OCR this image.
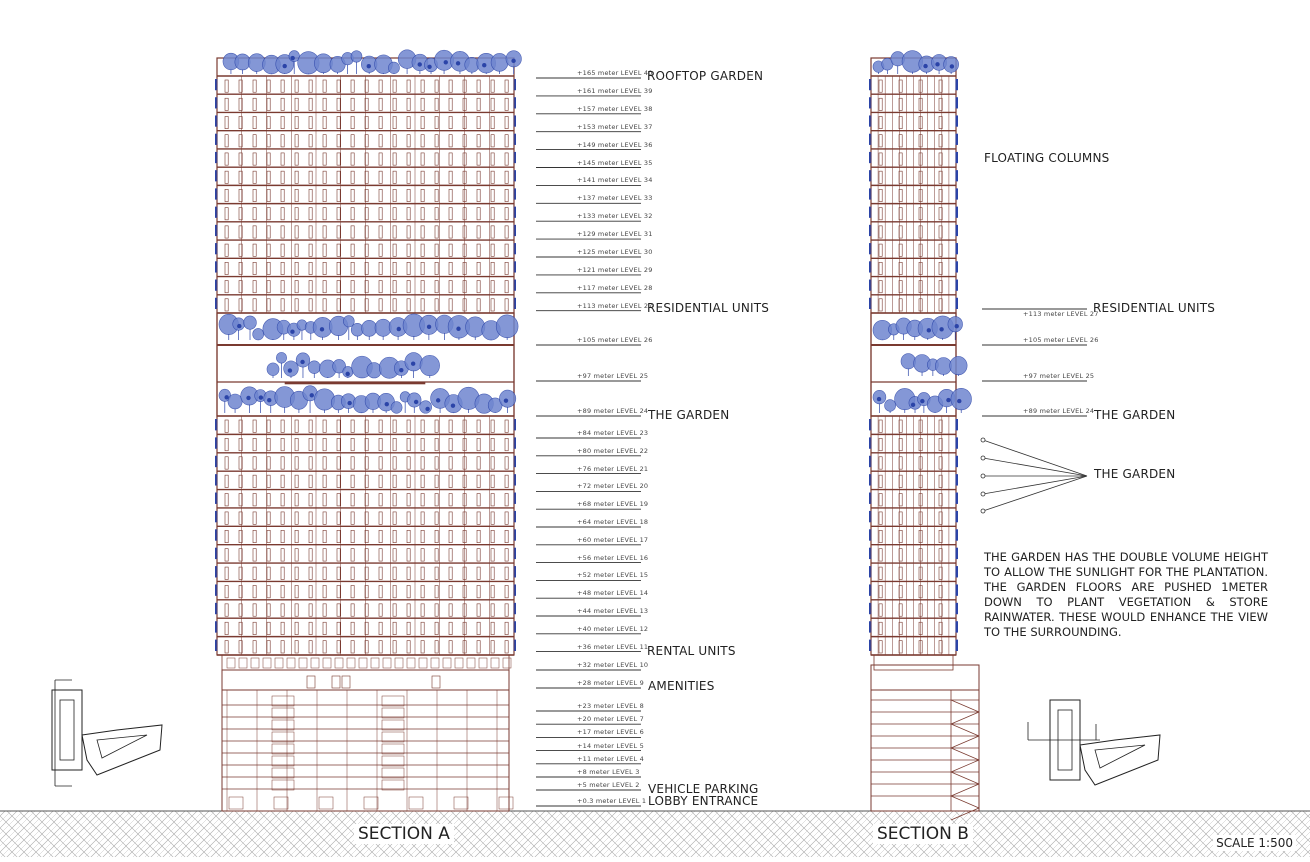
+165 meter LEVEL 40
+161 meter LEVEL 39
+157 meter LEVEL 38
+153 meter LEVEL 37
+149 meter LEVEL 36
+145 meter LEVEL 35
+141 meter LEVEL 34
+137 meter LEVEL 33
+133 meter LEVEL 32
+129 meter LEVEL 31
+125 meter LEVEL 30
+121 meter LEVEL 29
+117 meter LEVEL 28
+113 meter LEVEL 27
+105 meter LEVEL 26
+97 meter LEVEL 25
+89 meter LEVEL 24
+84 meter LEVEL 23
+80 meter LEVEL 22
+76 meter LEVEL 21
+72 meter LEVEL 20
+68 meter LEVEL 19
+64 meter LEVEL 18
+60 meter LEVEL 17
+56 meter LEVEL 16
+52 meter LEVEL 15
+48 meter LEVEL 14
+44 meter LEVEL 13
+40 meter LEVEL 12
+36 meter LEVEL 11
+32 meter LEVEL 10
+28 meter LEVEL 9
+23 meter LEVEL 8
+20 meter LEVEL 7
+17 meter LEVEL 6
+14 meter LEVEL 5
+11 meter LEVEL 4
+8 meter LEVEL 3
+5 meter LEVEL 2
+0.3 meter LEVEL 1
+113 meter LEVEL 27
+105 meter LEVEL 26
+97 meter LEVEL 25
+89 meter LEVEL 24
ROOFTOP GARDEN
RESIDENTIAL UNITS
THE GARDEN
RENTAL UNITS
AMENITIES
VEHICLE PARKING
LOBBY ENTRANCE
FLOATING COLUMNS
RESIDENTIAL UNITS
THE GARDEN
THE GARDEN
THE GARDEN HAS THE DOUBLE VOLUME HEIGHT TO ALLOW THE SUNLIGHT FOR THE PLANTATION. THE GARDEN FLOORS ARE PUSHED 1METER DOWN TO PLANT VEGETATION & STORE RAINWATER. THESE WOULD ENHANCE THE VIEW TO THE SURROUNDING.
SECTION A	SECTION B	SCALE 1:500
